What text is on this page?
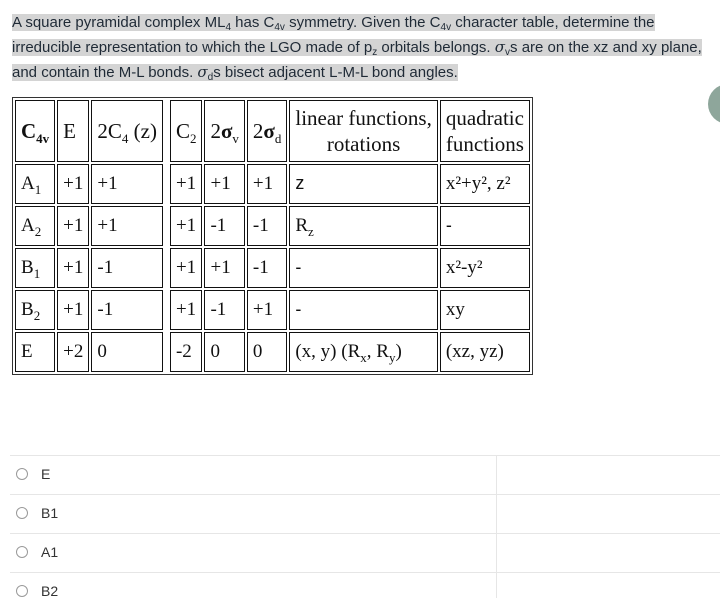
A square pyramidal complex $ML_4$ has $C_{4v}$ symmetry. Given the $C_{4v}$ character table, determine the irreducible representation to which the LGO made of $p_z$ orbitals belongs. $\sigma_vs$ are on the xz and xy plane, and contain the M-L bonds. $\sigma_ds$ bisect adjacent L-M-L bond angles.
$C_{4v}$	E	$2C_4$ (z)		$C_2$	$2\sigma_v$	$2\sigma_d$	linear functions,
rotations	quadratic
functions
$A_1$	+1	+1		+1	+1	+1	z	x²+y², z²
$A_2$	+1	+1		+1	-1	-1	$R_z$	-
$B_1$	+1	-1		+1	+1	-1	-	x²-y²
$B_2$	+1	-1		+1	-1	+1	-	xy
E	+2	0		-2	0	0	(x, y) ($R_x$, $R_y$)	(xz, yz)
E
B1
A1
B2
